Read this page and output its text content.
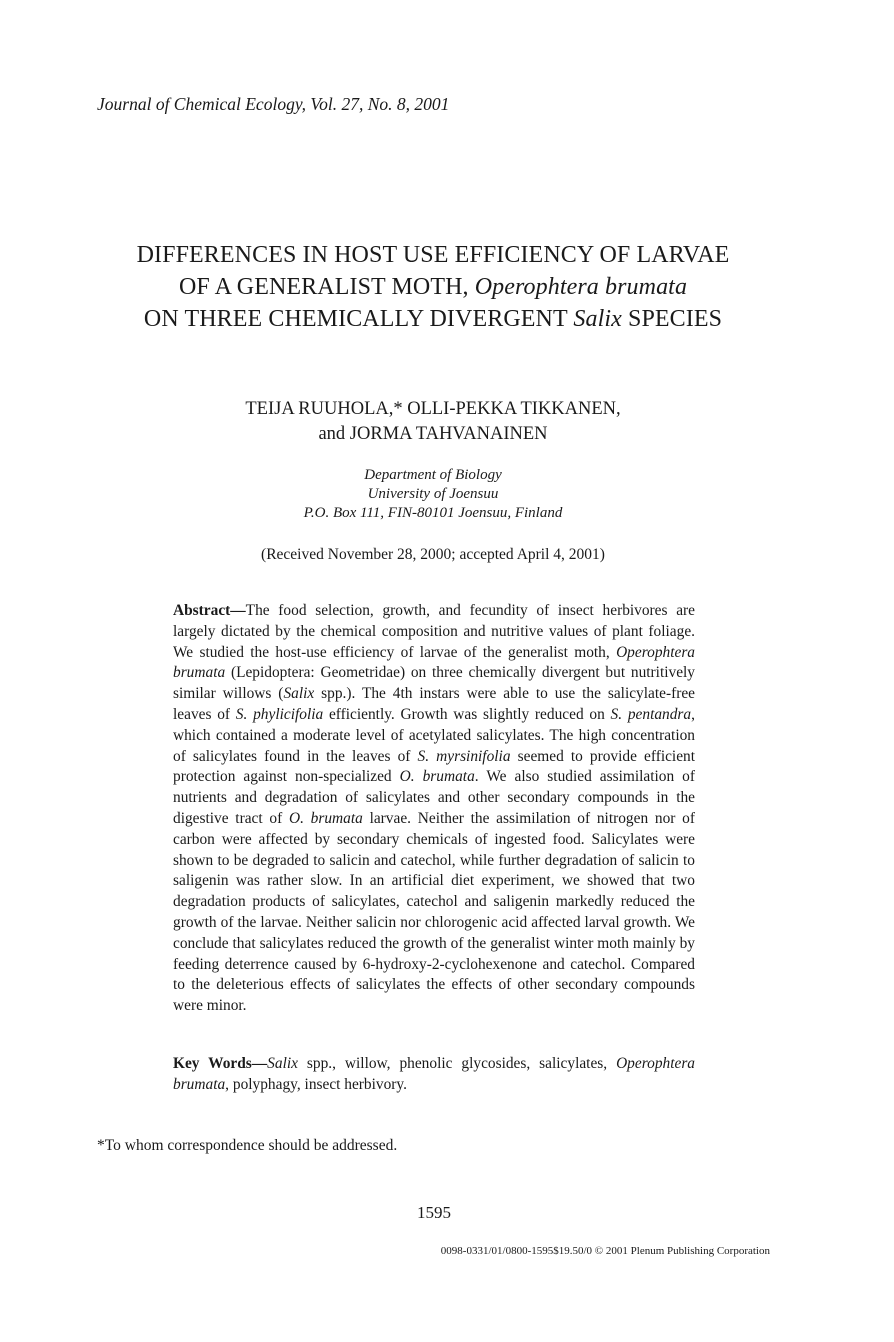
Journal of Chemical Ecology, Vol. 27, No. 8, 2001
DIFFERENCES IN HOST USE EFFICIENCY OF LARVAE
OF A GENERALIST MOTH, Operophtera brumata
ON THREE CHEMICALLY DIVERGENT Salix SPECIES
TEIJA RUUHOLA,* OLLI-PEKKA TIKKANEN,
and JORMA TAHVANAINEN
Department of Biology
University of Joensuu
P.O. Box 111, FIN-80101 Joensuu, Finland
(Received November 28, 2000; accepted April 4, 2001)
Abstract—The food selection, growth, and fecundity of insect herbivores are largely dictated by the chemical composition and nutritive values of plant foliage. We studied the host-use efficiency of larvae of the generalist moth, Operophtera brumata (Lepidoptera: Geometridae) on three chemically divergent but nutritively similar willows (Salix spp.). The 4th instars were able to use the salicylate-free leaves of S. phylicifolia efficiently. Growth was slightly reduced on S. pentandra, which contained a moderate level of acetylated salicylates. The high concentration of salicylates found in the leaves of S. myrsinifolia seemed to provide efficient protection against non-specialized O. brumata. We also studied assimilation of nutrients and degradation of salicylates and other secondary compounds in the digestive tract of O. brumata larvae. Neither the assimilation of nitrogen nor of carbon were affected by secondary chemicals of ingested food. Salicylates were shown to be degraded to salicin and catechol, while further degradation of salicin to saligenin was rather slow. In an artificial diet experiment, we showed that two degradation products of salicylates, catechol and saligenin markedly reduced the growth of the larvae. Neither salicin nor chlorogenic acid affected larval growth. We conclude that salicylates reduced the growth of the generalist winter moth mainly by feeding deterrence caused by 6-hydroxy-2-cyclohexenone and catechol. Compared to the deleterious effects of salicylates the effects of other secondary compounds were minor.
Key Words—Salix spp., willow, phenolic glycosides, salicylates, Operophtera brumata, polyphagy, insect herbivory.
*To whom correspondence should be addressed.
1595
0098-0331/01/0800-1595$19.50/0 © 2001 Plenum Publishing Corporation
